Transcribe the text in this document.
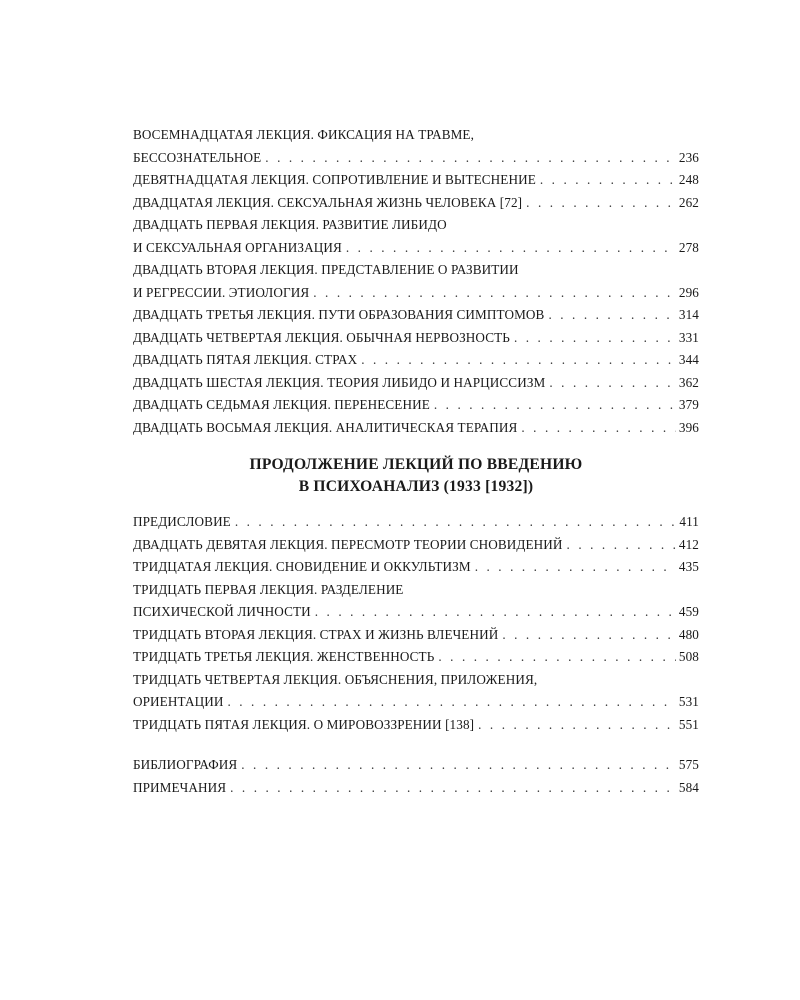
ВОСЕМНАДЦАТАЯ ЛЕКЦИЯ. ФИКСАЦИЯ НА ТРАВМЕ,
БЕССОЗНАТЕЛЬНОЕ . . .	236
ДЕВЯТНАДЦАТАЯ ЛЕКЦИЯ. СОПРОТИВЛЕНИЕ И ВЫТЕСНЕНИЕ . . .	248
ДВАДЦАТАЯ ЛЕКЦИЯ. СЕКСУАЛЬНАЯ ЖИЗНЬ ЧЕЛОВЕКА [72] . . .	262
ДВАДЦАТЬ ПЕРВАЯ ЛЕКЦИЯ. РАЗВИТИЕ ЛИБИДО
И СЕКСУАЛЬНАЯ ОРГАНИЗАЦИЯ . . .	278
ДВАДЦАТЬ ВТОРАЯ ЛЕКЦИЯ. ПРЕДСТАВЛЕНИЕ О РАЗВИТИИ
И РЕГРЕССИИ. ЭТИОЛОГИЯ . . .	296
ДВАДЦАТЬ ТРЕТЬЯ ЛЕКЦИЯ. ПУТИ ОБРАЗОВАНИЯ СИМПТОМОВ . . .	314
ДВАДЦАТЬ ЧЕТВЕРТАЯ ЛЕКЦИЯ. ОБЫЧНАЯ НЕРВОЗНОСТЬ . . .	331
ДВАДЦАТЬ ПЯТАЯ ЛЕКЦИЯ. СТРАХ . . .	344
ДВАДЦАТЬ ШЕСТАЯ ЛЕКЦИЯ. ТЕОРИЯ ЛИБИДО И НАРЦИССИЗМ . . .	362
ДВАДЦАТЬ СЕДЬМАЯ ЛЕКЦИЯ. ПЕРЕНЕСЕНИЕ . . .	379
ДВАДЦАТЬ ВОСЬМАЯ ЛЕКЦИЯ. АНАЛИТИЧЕСКАЯ ТЕРАПИЯ . . .	396
ПРОДОЛЖЕНИЕ ЛЕКЦИЙ ПО ВВЕДЕНИЮ
В ПСИХОАНАЛИЗ (1933 [1932])
ПРЕДИСЛОВИЕ . . .	411
ДВАДЦАТЬ ДЕВЯТАЯ ЛЕКЦИЯ. ПЕРЕСМОТР ТЕОРИИ СНОВИДЕНИЙ . . .	412
ТРИДЦАТАЯ ЛЕКЦИЯ. СНОВИДЕНИЕ И ОККУЛЬТИЗМ . . .	435
ТРИДЦАТЬ ПЕРВАЯ ЛЕКЦИЯ. РАЗДЕЛЕНИЕ
ПСИХИЧЕСКОЙ ЛИЧНОСТИ . . .	459
ТРИДЦАТЬ ВТОРАЯ ЛЕКЦИЯ. СТРАХ И ЖИЗНЬ ВЛЕЧЕНИЙ . . .	480
ТРИДЦАТЬ ТРЕТЬЯ ЛЕКЦИЯ. ЖЕНСТВЕННОСТЬ . . .	508
ТРИДЦАТЬ ЧЕТВЕРТАЯ ЛЕКЦИЯ. ОБЪЯСНЕНИЯ, ПРИЛОЖЕНИЯ,
ОРИЕНТАЦИИ . . .	531
ТРИДЦАТЬ ПЯТАЯ ЛЕКЦИЯ. О МИРОВОЗЗРЕНИИ [138] . . .	551
БИБЛИОГРАФИЯ . . .	575
ПРИМЕЧАНИЯ . . .	584
